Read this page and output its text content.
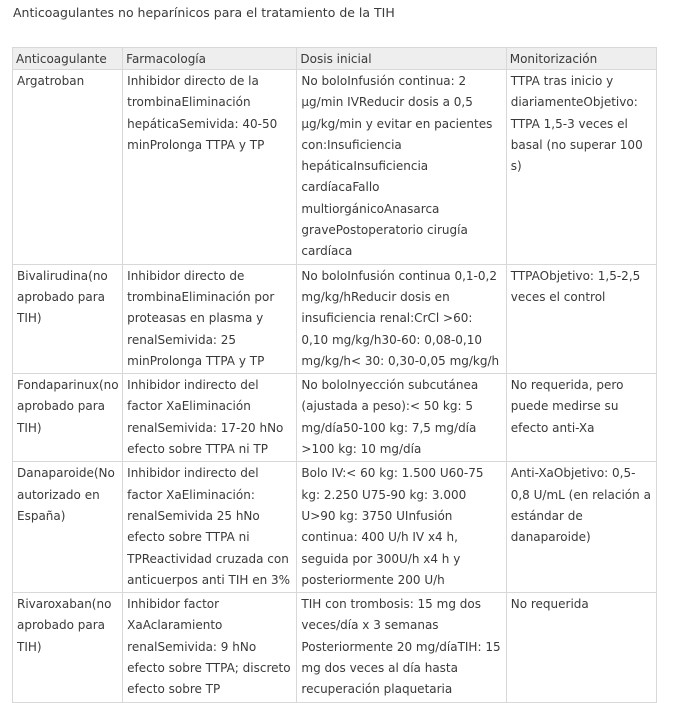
Anticoagulantes no heparínicos para el tratamiento de la TIH
Anticoagulante	Farmacología	Dosis inicial	Monitorización
Argatroban	Inhibidor directo de la trombinaEliminación hepáticaSemivida: 40-50 minProlonga TTPA y TP	No boloInfusión continua: 2 µg/min IVReducir dosis a 0,5 µg/kg/min y evitar en pacientes con:Insuficiencia hepáticaInsuficiencia cardíacaFallo multiorgánicoAnasarca gravePostoperatorio cirugía cardíaca	TTPA tras inicio y diariamenteObjetivo: TTPA 1,5-3 veces el basal (no superar 100 s)
Bivalirudina(no aprobado para TIH)	Inhibidor directo de trombinaEliminación por proteasas en plasma y renalSemivida: 25 minProlonga TTPA y TP	No boloInfusión continua 0,1-0,2 mg/kg/hReducir dosis en insuficiencia renal:CrCl >60: 0,10 mg/kg/h30-60: 0,08-0,10 mg/kg/h< 30: 0,30-0,05 mg/kg/h	TTPAObjetivo: 1,5-2,5 veces el control
Fondaparinux(no aprobado para TIH)	Inhibidor indirecto del factor XaEliminación renalSemivida: 17-20 hNo efecto sobre TTPA ni TP	No boloInyección subcutánea (ajustada a peso):< 50 kg: 5 mg/día50-100 kg: 7,5 mg/día >100 kg: 10 mg/día	No requerida, pero puede medirse su efecto anti-Xa
Danaparoide(No autorizado en España)	Inhibidor indirecto del factor XaEliminación: renalSemivida 25 hNo efecto sobre TTPA ni TPReactividad cruzada con anticuerpos anti TIH en 3%	Bolo IV:< 60 kg: 1.500 U60-75 kg: 2.250 U75-90 kg: 3.000 U>90 kg: 3750 UInfusión continua: 400 U/h IV x4 h, seguida por 300U/h x4 h y posteriormente 200 U/h	Anti-XaObjetivo: 0,5-0,8 U/mL (en relación a estándar de danaparoide)
Rivaroxaban(no aprobado para TIH)	Inhibidor factor XaAclaramiento renalSemivida: 9 hNo efecto sobre TTPA; discreto efecto sobre TP	TIH con trombosis: 15 mg dos veces/día x 3 semanas Posteriormente 20 mg/díaTIH: 15 mg dos veces al día hasta recuperación plaquetaria	No requerida
